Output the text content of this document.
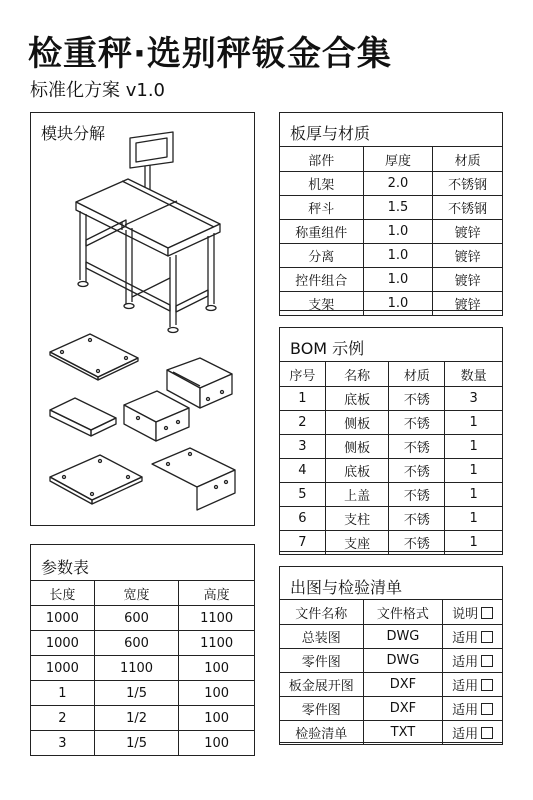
检重秤·选别秤钣金合集
标准化方案 v1.0
模块分解	板厚与材质
部件	厚度	材质
机架	2.0	不锈钢
秤斗	1.5	不锈钢
称重组件	1.0	镀锌
分离	1.0	镀锌
控件组合	1.0	镀锌
支架	1.0	镀锌
BOM 示例
序号	名称	材质	数量
1	底板	不锈	3
2	侧板	不锈	1
3	侧板	不锈	1
4	底板	不锈	1
5	上盖	不锈	1
6	支柱	不锈	1
7	支座	不锈	1
参数表
长度	宽度	高度
1000	600	1100
1000	600	1100
1000	1100	100
1	1/5	100
2	1/2	100
3	1/5	100
出图与检验清单
文件名称	文件格式	说明
总装图	DWG	适用
零件图	DWG	适用
板金展开图	DXF	适用
零件图	DXF	适用
检验清单	TXT	适用
